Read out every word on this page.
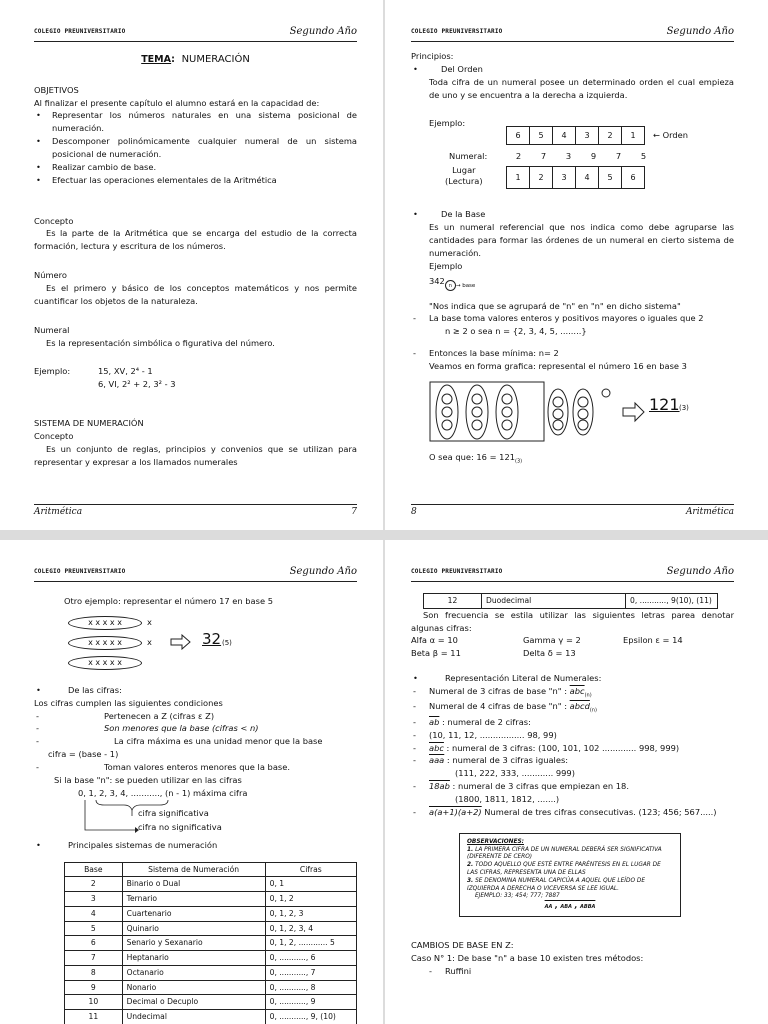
COLEGIO PREUNIVERSITARIO	Segundo Año

TEMA:  NUMERACIÓN

OBJETIVOS

Al finalizar el presente capítulo el alumno estará en la capacidad de:

• Representar los números naturales en una sistema posicional de numeración.
• Descomponer polinómicamente cualquier numeral de un sistema posicional de numeración.
• Realizar cambio de base.
• Efectuar las operaciones elementales de la Aritmética

Concepto

Es la parte de la Aritmética que se encarga del estudio de la correcta formación, lectura y escritura de los números.

Número

Es el primero y básico de los conceptos matemáticos y nos permite cuantificar los objetos de la naturaleza.

Numeral

Es la representación simbólica o figurativa del número.

Ejemplo:	15, XV, 2⁴ - 1

6, VI, 2² + 2, 3² - 3

SISTEMA DE NUMERACIÓN

Concepto

Es un conjunto de reglas, principios y convenios que se utilizan para representar y expresar a los llamados numerales

Aritmética	7
COLEGIO PREUNIVERSITARIO	Segundo Año

Principios:

• Del Orden

Toda cifra de un numeral posee un determinado orden el cual empieza de uno y se encuentra a la derecha a izquierda.

Ejemplo:

6	5	4	3	2	1 ← Orden
Numeral:	2	7	3	9	7	5
Lugar
(Lectura)	1	2	3	4	5	6
• De la Base

Es un numeral referencial que nos indica como debe agruparse las cantidades para formar las órdenes de un numeral en cierto sistema de numeración.

Ejemplo

342 n $_{\to base}$

"Nos indica que se agrupará de "n" en "n" en dicho sistema"

- La base toma valores enteros y positivos mayores o iguales que 2

n ≥ 2 o sea n = {2, 3, 4, 5, ........}

- Entonces la base mínima: n= 2

Veamos en forma grafica: represental el número 16 en base 3

121 (3)

O sea que: $16 = 121_{(3)}$

8	Aritmética
COLEGIO PREUNIVERSITARIO	Segundo Año

Otro ejemplo: representar el número 17 en base 5

x x x x x	x
x x x x x	x
x x x x x
32 (5)
• De las cifras:

Los cifras cumplen las siguientes condiciones

- Pertenecen a Z (cifras ε Z)

- Son menores que la base (cifras < n)

- La cifra máxima es una unidad menor que la base

cifra = (base - 1)

- Toman valores enteros menores que la base.

Si la base "n": se pueden utilizar en las cifras

0, 1, 2, 3, 4, ..........., (n - 1) máxima cifra
cifra significativa
cifra no significativa
• Principales sistemas de numeración
Base	Sistema de Numeración	Cifras
2	Binario o Dual	0, 1
3	Ternario	0, 1, 2
4	Cuartenario	0, 1, 2, 3
5	Quinario	0, 1, 2, 3, 4
6	Senario y Sexanario	0, 1, 2, ............ 5
7	Heptanario	0, ..........., 6
8	Octanario	0, ..........., 7
9	Nonario	0, ..........., 8
10	Decimal o Decuplo	0, ..........., 9
11	Undecimal	0, ..........., 9, (10)
COLEGIO PREUNIVERSITARIO	Segundo Año
12	Duodecimal	0, ..........., 9(10), (11)

Son frecuencia se estila utilizar las siguientes letras parea denotar algunas cifras:

Alfa α = 10	Gamma γ = 2	Epsilon ε = 14
Beta β = 11	Delta δ = 13
• Representación Literal de Numerales:

- Numeral de 3 cifras de base "n" : $\overline{abc}_{(n)}$

- Numeral de 4 cifras de base "n" : abcd$_{(n)}$

- $\overline{ab}$ : numeral de 2 cifras:

- (10, 11, 12, ................. 98, 99)

- $\overline{abc}$ : numeral de 3 cifras: (100, 101, 102 ............. 998, 999)

- $\overline{aaa}$ : numeral de 3 cifras iguales:

(111, 222, 333, ............ 999)

- 18ab : numeral de 3 cifras que empiezan en 18.

(1800, 1811, 1812, .......)

- a(a+1)(a+2) Numeral de tres cifras consecutivas. (123; 456; 567.....)

OBSERVACIONES:

1. LA PRIMERA CIFRA DE UN NUMERAL DEBERÁ SER SIGNIFICATIVA (DIFERENTE DE CERO)

2. TODO AQUELLO QUE ESTÉ ENTRE PARÉNTESIS EN EL LUGAR DE LAS CIFRAS, REPRESENTA UNA DE ELLAS

3. SE DENOMINA NUMERAL CAPICÚA A AQUEL QUE LEÍDO DE IZQUIERDA A DERECHA O VICEVERSA SE LEE IGUAL.

EJEMPLO: 33; 454; 777; 7887

aa , aba , abba

CAMBIOS DE BASE EN Z:

Caso N° 1: De base "n" a base 10 existen tres métodos:

- Ruffini
